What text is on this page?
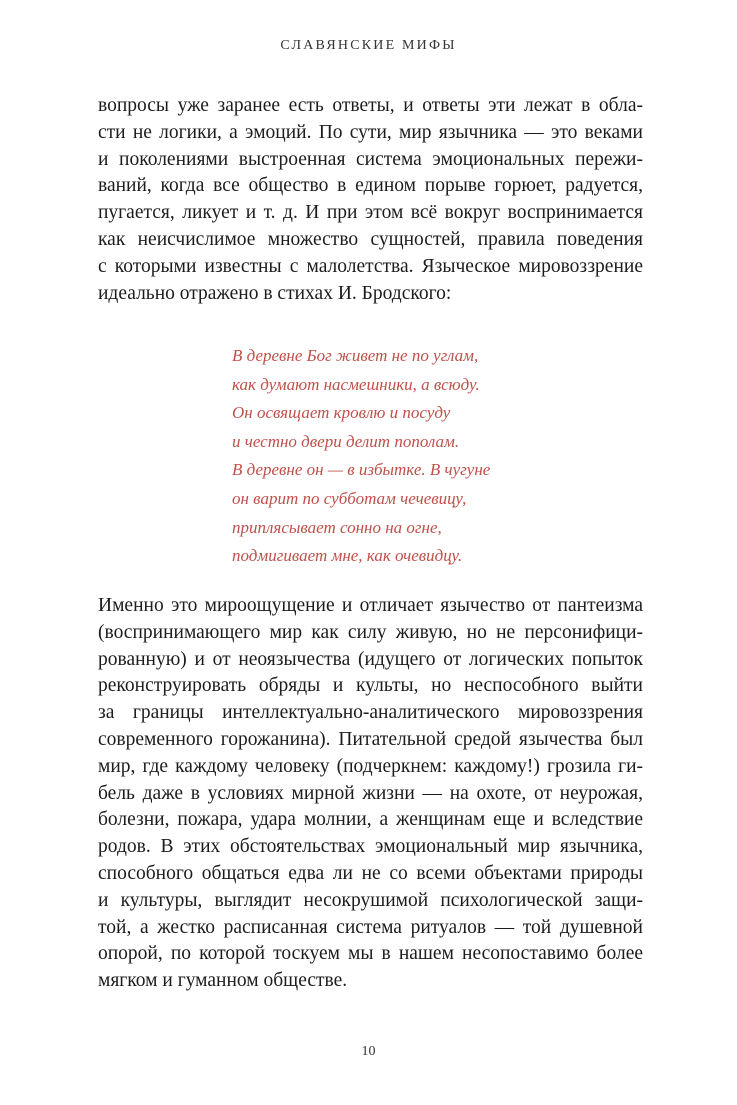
СЛАВЯНСКИЕ МИФЫ
вопросы уже заранее есть ответы, и ответы эти лежат в обла-
сти не логики, а эмоций. По сути, мир язычника — это веками
и поколениями выстроенная система эмоциональных пережи-
ваний, когда все общество в едином порыве горюет, радуется,
пугается, ликует и т. д. И при этом всё вокруг воспринимается
как неисчислимое множество сущностей, правила поведения
с которыми известны с малолетства. Языческое мировоззрение
идеально отражено в стихах И. Бродского:
В деревне Бог живет не по углам,
как думают насмешники, а всюду.
Он освящает кровлю и посуду
и честно двери делит пополам.
В деревне он — в избытке. В чугуне
он варит по субботам чечевицу,
приплясывает сонно на огне,
подмигивает мне, как очевидцу.
Именно это мироощущение и отличает язычество от пантеизма
(воспринимающего мир как силу живую, но не персонифици-
рованную) и от неоязычества (идущего от логических попыток
реконструировать обряды и культы, но неспособного выйти
за границы интеллектуально-аналитического мировоззрения
современного горожанина). Питательной средой язычества был
мир, где каждому человеку (подчеркнем: каждому!) грозила ги-
бель даже в условиях мирной жизни — на охоте, от неурожая,
болезни, пожара, удара молнии, а женщинам еще и вследствие
родов. В этих обстоятельствах эмоциональный мир язычника,
способного общаться едва ли не со всеми объектами природы
и культуры, выглядит несокрушимой психологической защи-
той, а жестко расписанная система ритуалов — той душевной
опорой, по которой тоскуем мы в нашем несопоставимо более
мягком и гуманном обществе.
10
